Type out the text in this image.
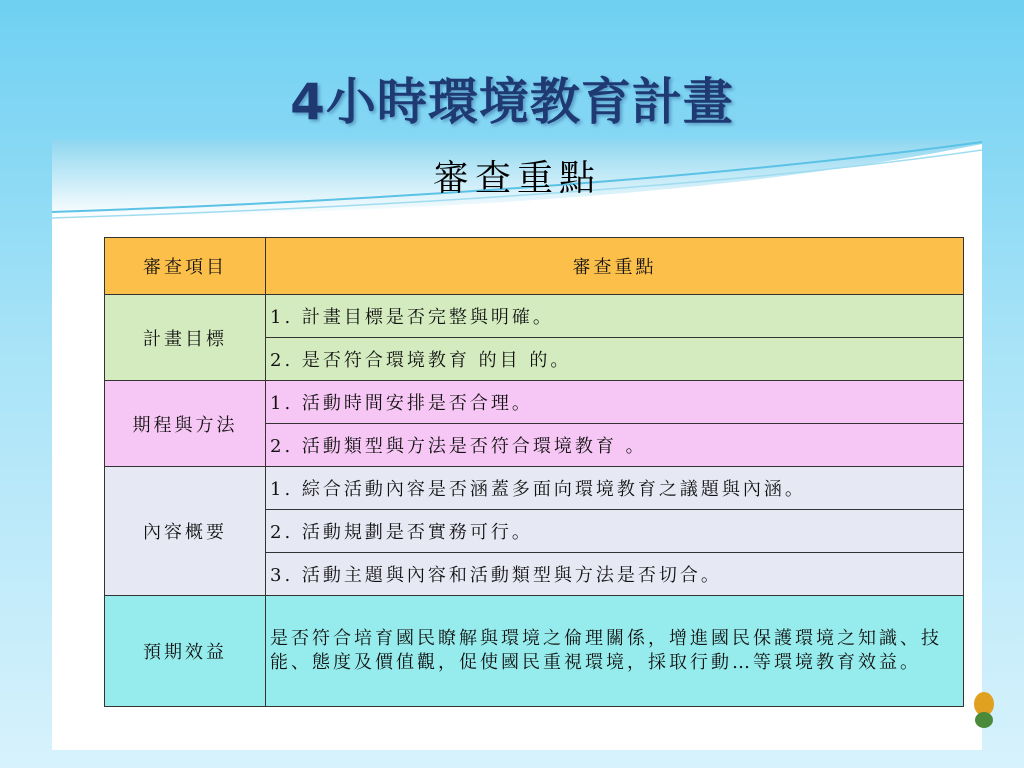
4小時環境教育計畫
審查重點
審查項目	審查重點
計畫目標	1. 計畫目標是否完整與明確。
	2. 是否符合環境教育 的目 的。
期程與方法	1. 活動時間安排是否合理。
	2. 活動類型與方法是否符合環境教育 。
內容概要	1. 綜合活動內容是否涵蓋多面向環境教育之議題與內涵。
	2. 活動規劃是否實務可行。
	3. 活動主題與內容和活動類型與方法是否切合。
預期效益	是否符合培育國民瞭解與環境之倫理關係，增進國民保護環境之知識、技能、態度及價值觀，促使國民重視環境，採取行動…等環境教育效益。
